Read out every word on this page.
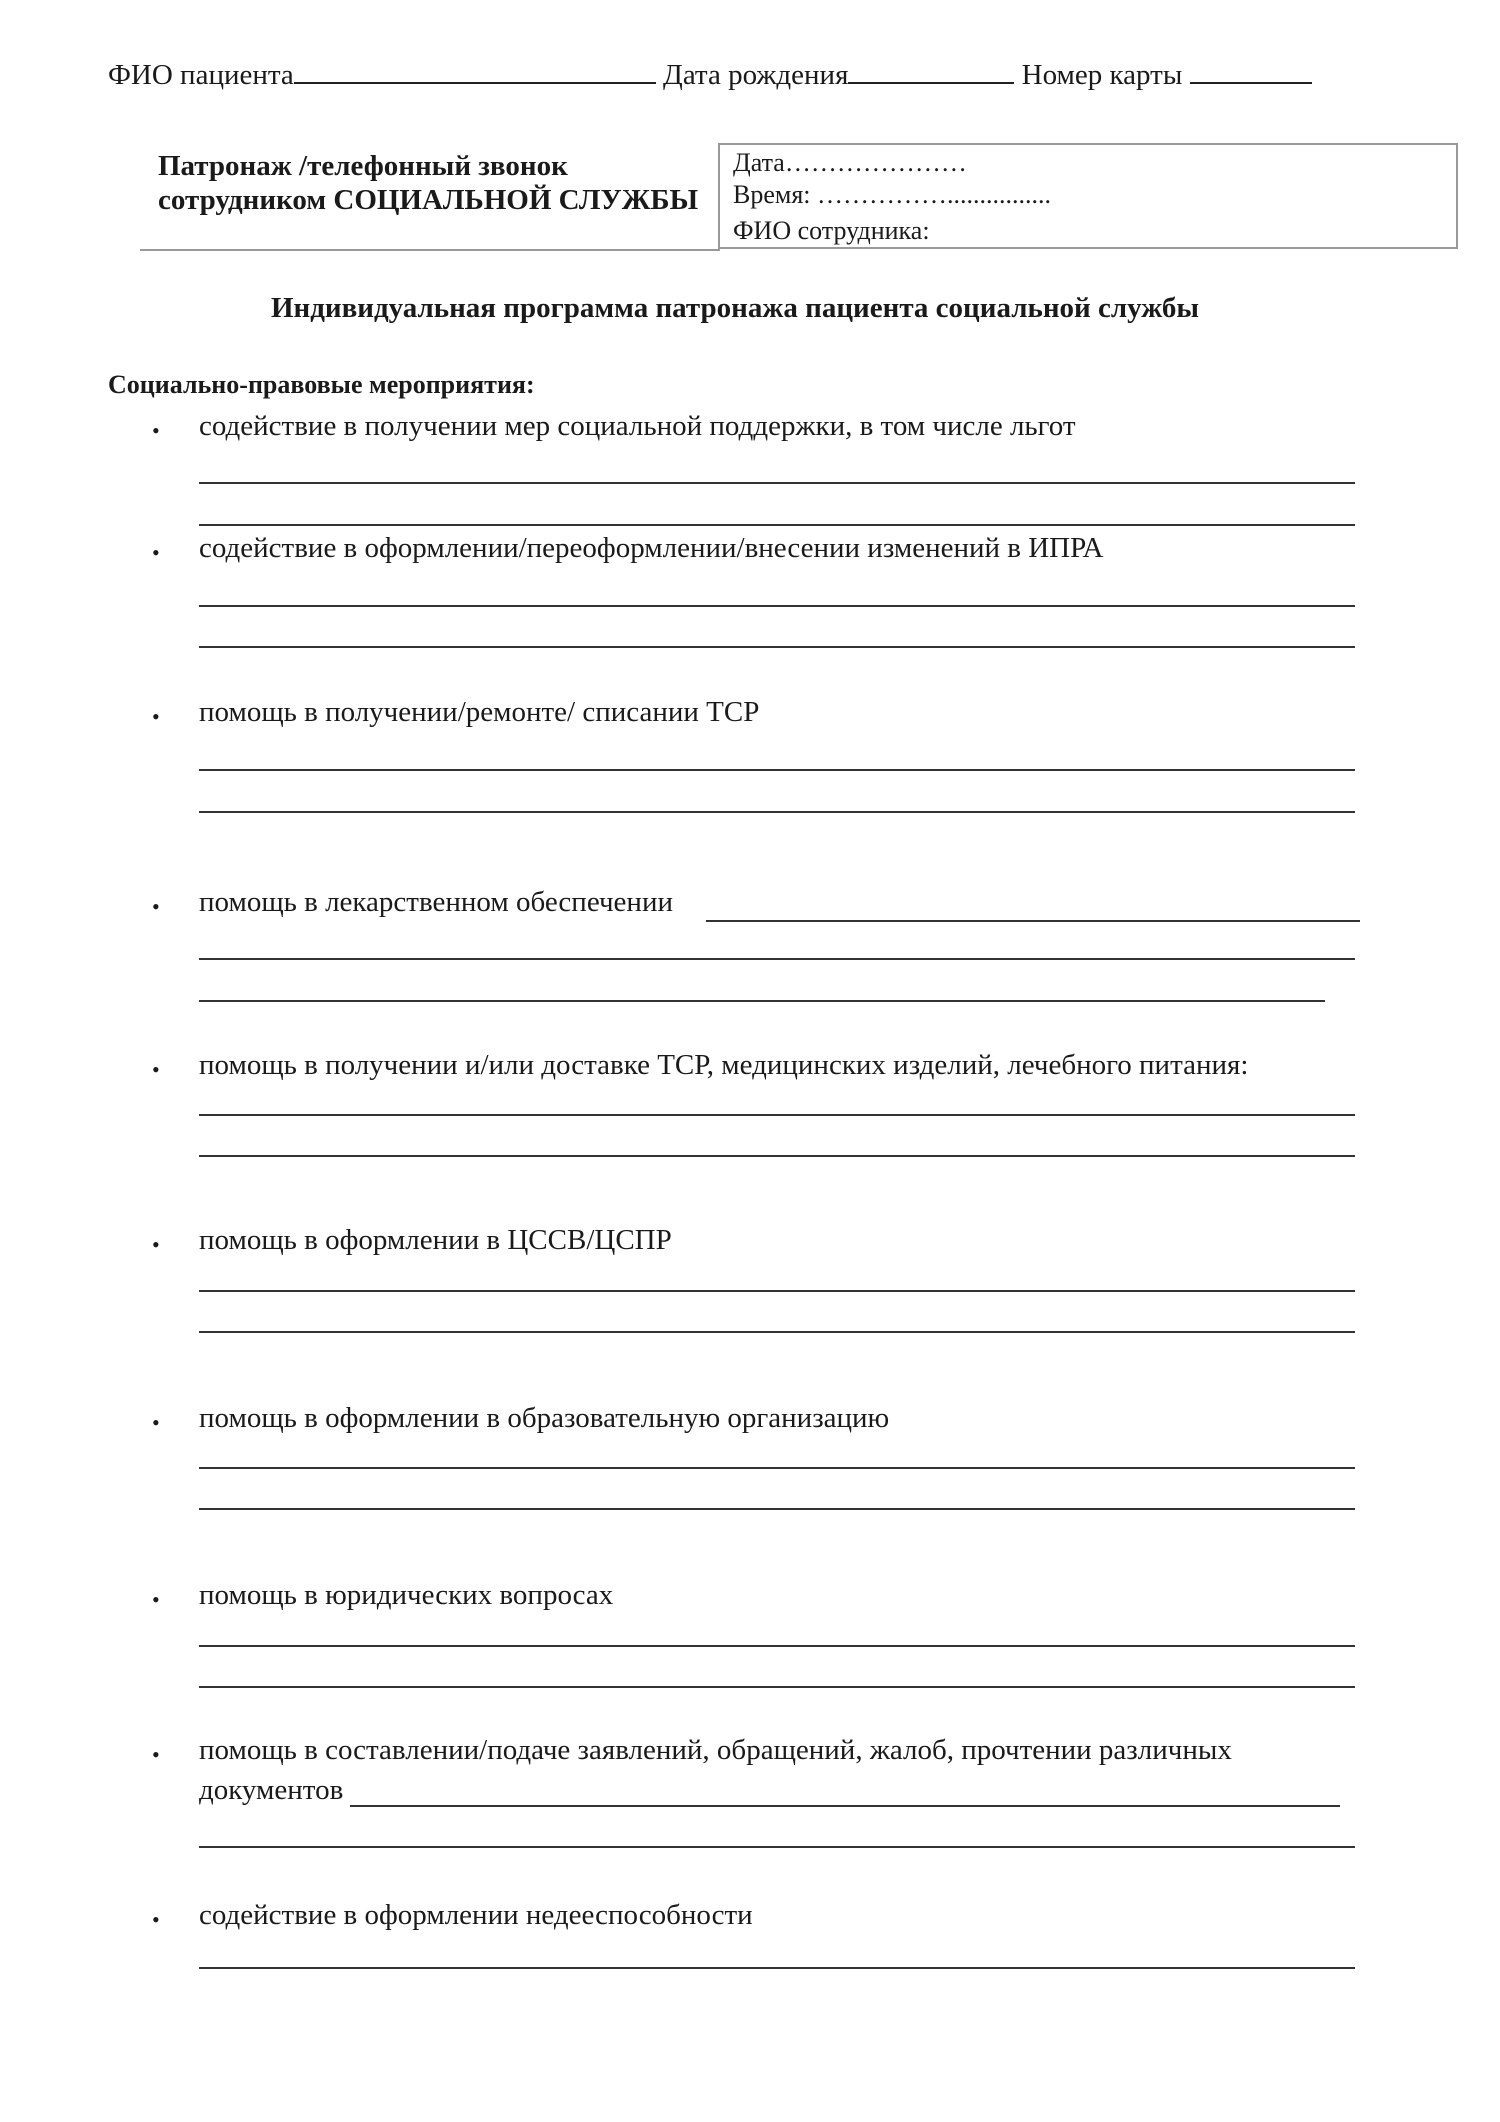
ФИО пациента	Дата рождения	Номер карты
Патронаж /телефонный звонок сотрудником СОЦИАЛЬНОЙ СЛУЖБЫ
Дата…………………
Время: ……………................
ФИО сотрудника:
Индивидуальная программа патронажа пациента социальной службы
Социально-правовые мероприятия:
• содействие в получении мер социальной поддержки, в том числе льгот
• содействие в оформлении/переоформлении/внесении изменений в ИПРА
• помощь в получении/ремонте/ списании ТСР
• помощь в лекарственном обеспечении
• помощь в получении и/или доставке ТСР, медицинских изделий, лечебного питания:
• помощь в оформлении в ЦССВ/ЦСПР
• помощь в оформлении в образовательную организацию
• помощь в юридических вопросах
• помощь в составлении/подаче заявлений, обращений, жалоб, прочтении различных
документов
• содействие в оформлении недееспособности
